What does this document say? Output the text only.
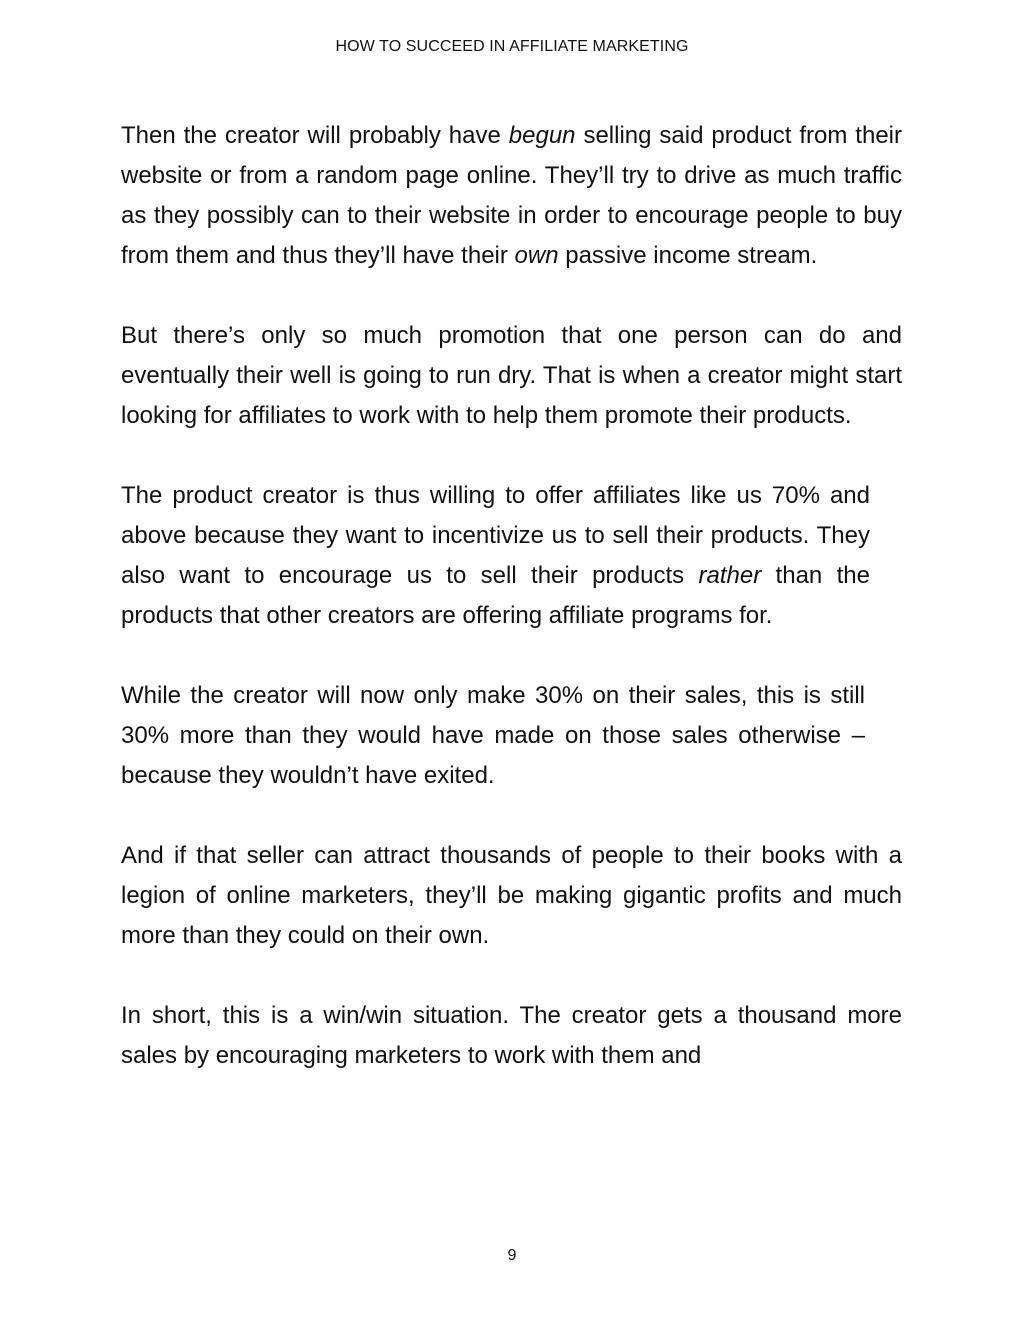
HOW TO SUCCEED IN AFFILIATE MARKETING

Then the creator will probably have begun selling said product from their website or from a random page online. They’ll try to drive as much traffic as they possibly can to their website in order to encourage people to buy from them and thus they’ll have their own passive income stream.

But there’s only so much promotion that one person can do and eventually their well is going to run dry. That is when a creator might start looking for affiliates to work with to help them promote their products.

The product creator is thus willing to offer affiliates like us 70% and above because they want to incentivize us to sell their products. They also want to encourage us to sell their products rather than the products that other creators are offering affiliate programs for.

While the creator will now only make 30% on their sales, this is still 30% more than they would have made on those sales otherwise – because they wouldn’t have exited.

And if that seller can attract thousands of people to their books with a legion of online marketers, they’ll be making gigantic profits and much more than they could on their own.

In short, this is a win/win situation. The creator gets a thousand more sales by encouraging marketers to work with them and

9
